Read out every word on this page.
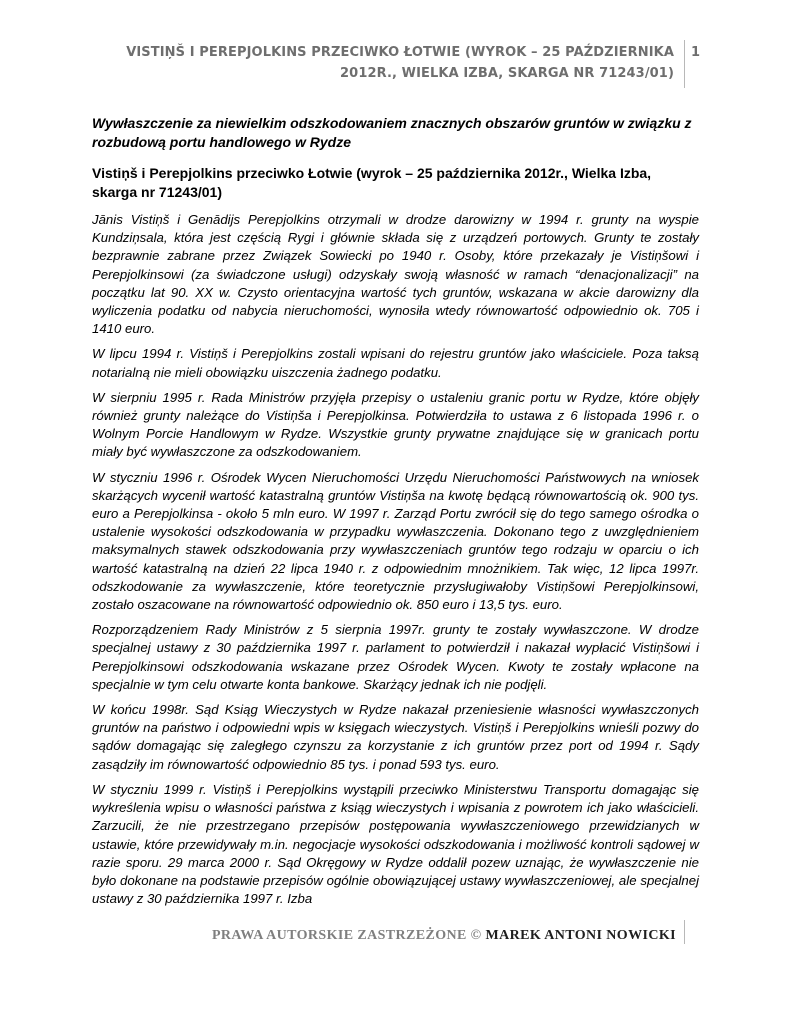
VISTIŅŠ I PEREPJOLKINS PRZECIWKO ŁOTWIE (WYROK – 25 PAŹDZIERNIKA 2012R., WIELKA IZBA, SKARGA NR 71243/01)
1
Wywłaszczenie za niewielkim odszkodowaniem znacznych obszarów gruntów w związku z rozbudową portu handlowego w Rydze
Vistiņš i Perepjolkins przeciwko Łotwie (wyrok – 25 października 2012r., Wielka Izba, skarga nr 71243/01)

Jānis Vistiņš i Genādijs Perepjolkins otrzymali w drodze darowizny w 1994 r. grunty na wyspie Kundziņsala, która jest częścią Rygi i głównie składa się z urządzeń portowych. Grunty te zostały bezprawnie zabrane przez Związek Sowiecki po 1940 r. Osoby, które przekazały je Vistiņšowi i Perepjolkinsowi (za świadczone usługi) odzyskały swoją własność w ramach “denacjonalizacji” na początku lat 90. XX w. Czysto orientacyjna wartość tych gruntów, wskazana w akcie darowizny dla wyliczenia podatku od nabycia nieruchomości, wynosiła wtedy równowartość odpowiednio ok. 705 i 1410 euro.

W lipcu 1994 r. Vistiņš i Perepjolkins zostali wpisani do rejestru gruntów jako właściciele. Poza taksą notarialną nie mieli obowiązku uiszczenia żadnego podatku.

W sierpniu 1995 r. Rada Ministrów przyjęła przepisy o ustaleniu granic portu w Rydze, które objęły również grunty należące do Vistiņša i Perepjolkinsa. Potwierdziła to ustawa z 6 listopada 1996 r. o Wolnym Porcie Handlowym w Rydze. Wszystkie grunty prywatne znajdujące się w granicach portu miały być wywłaszczone za odszkodowaniem.

W styczniu 1996 r. Ośrodek Wycen Nieruchomości Urzędu Nieruchomości Państwowych na wniosek skarżących wycenił wartość katastralną gruntów Vistiņša na kwotę będącą równowartością ok. 900 tys. euro a Perepjolkinsa - około 5 mln euro. W 1997 r. Zarząd Portu zwrócił się do tego samego ośrodka o ustalenie wysokości odszkodowania w przypadku wywłaszczenia. Dokonano tego z uwzględnieniem maksymalnych stawek odszkodowania przy wywłaszczeniach gruntów tego rodzaju w oparciu o ich wartość katastralną na dzień 22 lipca 1940 r. z odpowiednim mnożnikiem. Tak więc, 12 lipca 1997r. odszkodowanie za wywłaszczenie, które teoretycznie przysługiwałoby Vistiņšowi Perepjolkinsowi, zostało oszacowane na równowartość odpowiednio ok. 850 euro i 13,5 tys. euro.

Rozporządzeniem Rady Ministrów z 5 sierpnia 1997r. grunty te zostały wywłaszczone. W drodze specjalnej ustawy z 30 października 1997 r. parlament to potwierdził i nakazał wypłacić Vistiņšowi i Perepjolkinsowi odszkodowania wskazane przez Ośrodek Wycen. Kwoty te zostały wpłacone na specjalnie w tym celu otwarte konta bankowe. Skarżący jednak ich nie podjęli.

W końcu 1998r. Sąd Ksiąg Wieczystych w Rydze nakazał przeniesienie własności wywłaszczonych gruntów na państwo i odpowiedni wpis w księgach wieczystych. Vistiņš i Perepjolkins wnieśli pozwy do sądów domagając się zaległego czynszu za korzystanie z ich gruntów przez port od 1994 r. Sądy zasądziły im równowartość odpowiednio 85 tys. i ponad 593 tys. euro.

W styczniu 1999 r. Vistiņš i Perepjolkins wystąpili przeciwko Ministerstwu Transportu domagając się wykreślenia wpisu o własności państwa z ksiąg wieczystych i wpisania z powrotem ich jako właścicieli. Zarzucili, że nie przestrzegano przepisów postępowania wywłaszczeniowego przewidzianych w ustawie, które przewidywały m.in. negocjacje wysokości odszkodowania i możliwość kontroli sądowej w razie sporu. 29 marca 2000 r. Sąd Okręgowy w Rydze oddalił pozew uznając, że wywłaszczenie nie było dokonane na podstawie przepisów ogólnie obowiązującej ustawy wywłaszczeniowej, ale specjalnej ustawy z 30 października 1997 r. Izba

PRAWA AUTORSKIE ZASTRZEŻONE © MAREK ANTONI NOWICKI
